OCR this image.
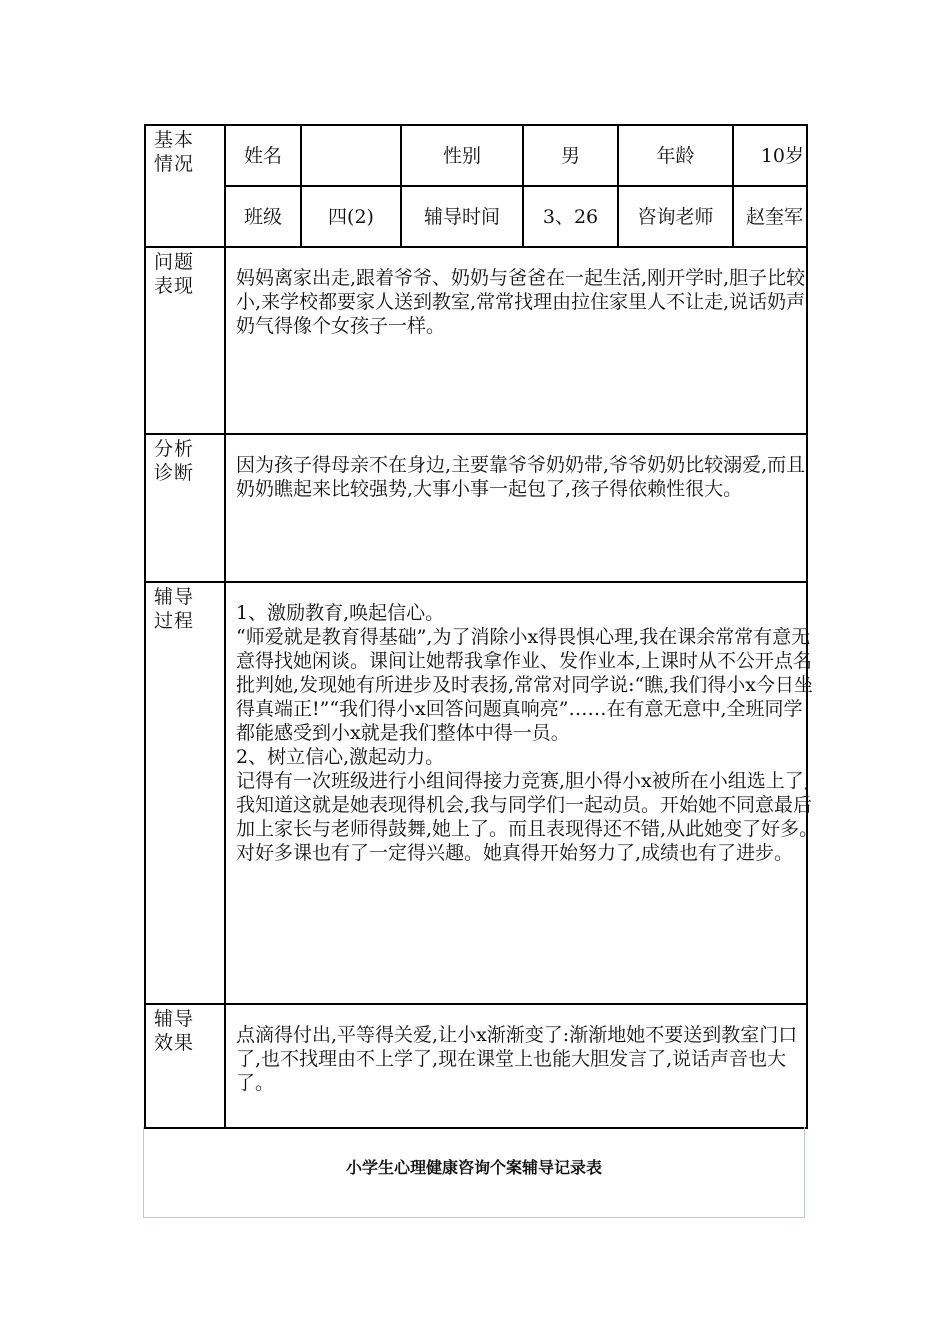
基本情况	姓名		性别	男	年龄	10岁
	班级	四(2)	辅导时间	3、26	咨询老师	赵奎军

问题表现	妈妈离家出走,跟着爷爷、奶奶与爸爸在一起生活,刚开学时,胆子比较小,来学校都要家人送到教室,常常找理由拉住家里人不让走,说话奶声奶气得像个女孩子一样。					

分析诊断	因为孩子得母亲不在身边,主要靠爷爷奶奶带,爷爷奶奶比较溺爱,而且奶奶瞧起来比较强势,大事小事一起包了,孩子得依赖性很大。					

辅导过程	1、激励教育,唤起信心。
“师爱就是教育得基础”,为了消除小x得畏惧心理,我在课余常常有意无意得找她闲谈。课间让她帮我拿作业、发作业本,上课时从不公开点名批判她,发现她有所进步及时表扬,常常对同学说:“瞧,我们得小x今日坐得真端正!”“我们得小x回答问题真响亮”……在有意无意中,全班同学都能感受到小x就是我们整体中得一员。
2、树立信心,激起动力。
记得有一次班级进行小组间得接力竞赛,胆小得小x被所在小组选上了,我知道这就是她表现得机会,我与同学们一起动员。开始她不同意最后加上家长与老师得鼓舞,她上了。而且表现得还不错,从此她变了好多。对好多课也有了一定得兴趣。她真得开始努力了,成绩也有了进步。					

辅导效果	点滴得付出,平等得关爱,让小x渐渐变了:渐渐地她不要送到教室门口了,也不找理由不上学了,现在课堂上也能大胆发言了,说话声音也大了。					
小学生心理健康咨询个案辅导记录表
